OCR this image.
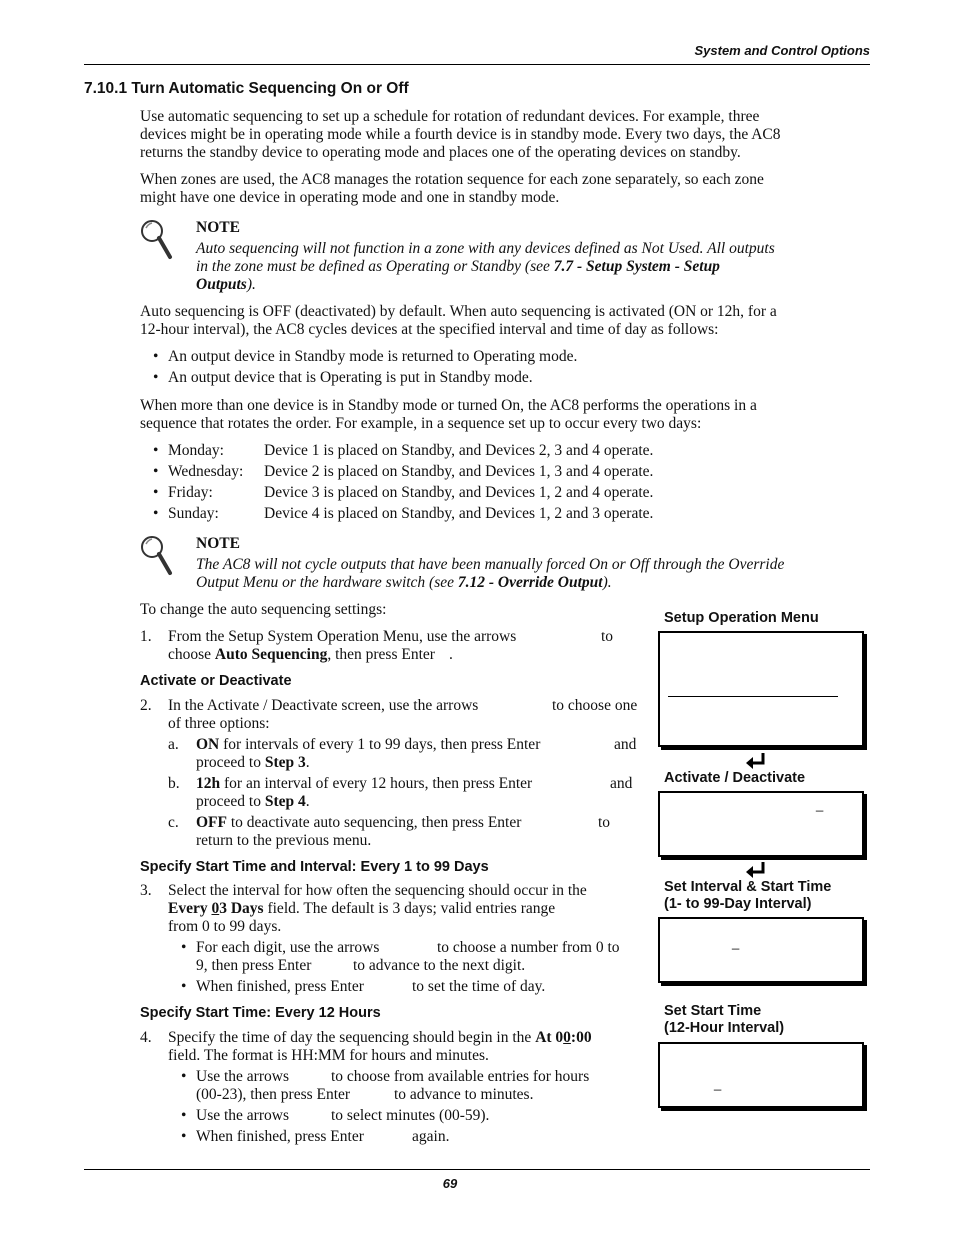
System and Control Options
7.10.1 Turn Automatic Sequencing On or Off
Use automatic sequencing to set up a schedule for rotation of redundant devices. For example, three
devices might be in operating mode while a fourth device is in standby mode. Every two days, the AC8
returns the standby device to operating mode and places one of the operating devices on standby.
When zones are used, the AC8 manages the rotation sequence for each zone separately, so each zone
might have one device in operating mode and one in standby mode.
NOTE
Auto sequencing will not function in a zone with any devices defined as Not Used. All outputs
in the zone must be defined as Operating or Standby (see 7.7 - Setup System - Setup
Outputs).
Auto sequencing is OFF (deactivated) by default. When auto sequencing is activated (ON or 12h, for a
12-hour interval), the AC8 cycles devices at the specified interval and time of day as follows:
• An output device in Standby mode is returned to Operating mode.
• An output device that is Operating is put in Standby mode.
When more than one device is in Standby mode or turned On, the AC8 performs the operations in a
sequence that rotates the order. For example, in a sequence set up to occur every two days:
• Monday:	Device 1 is placed on Standby, and Devices 2, 3 and 4 operate.
• Wednesday: Device 2 is placed on Standby, and Devices 1, 3 and 4 operate.
• Friday:	Device 3 is placed on Standby, and Devices 1, 2 and 4 operate.
• Sunday:	Device 4 is placed on Standby, and Devices 1, 2 and 3 operate.
NOTE
The AC8 will not cycle outputs that have been manually forced On or Off through the Override
Output Menu or the hardware switch (see 7.12 - Override Output).
To change the auto sequencing settings:
1. From the Setup System Operation Menu, use the arrows	to
choose Auto Sequencing, then press Enter .
Activate or Deactivate
2. In the Activate / Deactivate screen, use the arrows	to choose one
of three options:
a. ON for intervals of every 1 to 99 days, then press Enter	and
proceed to Step 3.
b. 12h for an interval of every 12 hours, then press Enter	and
proceed to Step 4.
c. OFF to deactivate auto sequencing, then press Enter	to
return to the previous menu.
Specify Start Time and Interval: Every 1 to 99 Days
3. Select the interval for how often the sequencing should occur in the
Every 03 Days field. The default is 3 days; valid entries range
from 0 to 99 days.
• For each digit, use the arrows	to choose a number from 0 to
9, then press Enter	to advance to the next digit.
• When finished, press Enter	to set the time of day.
Specify Start Time: Every 12 Hours
4. Specify the time of day the sequencing should begin in the At 00:00
field. The format is HH:MM for hours and minutes.
• Use the arrows	to choose from available entries for hours
(00-23), then press Enter	to advance to minutes.
• Use the arrows	to select minutes (00-59).
• When finished, press Enter	again.
Setup Operation Menu
Activate / Deactivate
_
Set Interval & Start Time
(1- to 99-Day Interval)
_
Set Start Time
(12-Hour Interval)
_
69
